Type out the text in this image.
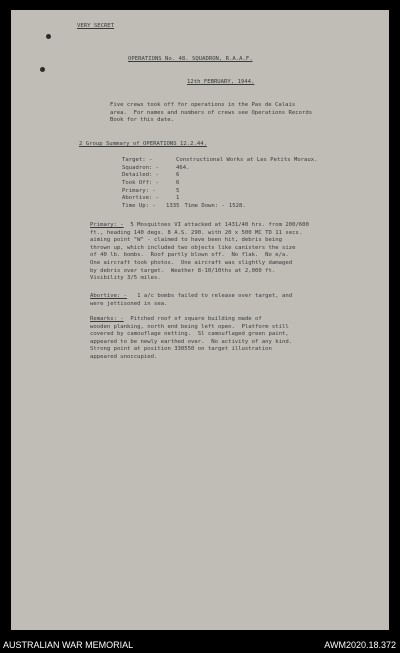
VERY SECRET
OPERATIONS No. 48. SQUADRON, R.A.A.F.
12th FEBRUARY, 1944.
Five crews took off for operations in the Pas de Calais
area.  For names and numbers of crews see Operations Records
Book for this date.
2 Group Summary of OPERATIONS 12.2.44.
Target: -	Constructional Works at Les Petits Moraux.
Squadron: -	464.
Detailed: -	6
Took Off: -	6
Primary: -	5
Abortive: -	1
Time Up: -	1335 Time Down: - 1528.
Primary: -  5 Mosquitoes VI attacked at 1431/40 hrs. from 200/600
ft., heading 140 degs. 8 A.S. 290. with 20 x 500 MC TD 11 secs.
aiming point "W" - claimed to have been hit, debris being
thrown up, which included two objects like canisters the size
of 40 lb. bombs.  Roof partly blown off.  No flak.  No e/a.
One aircraft took photos.  One aircraft was slightly damaged
by debris over target.  Weather 8-10/10ths at 2,000 ft.
Visibility 3/5 miles.
Abortive: -   1 a/c bombs failed to release over target, and
were jettisoned in sea.
Remarks: -  Pitched roof of square building made of
wooden planking, north end being left open.  Platform still
covered by camouflage netting.  Sl camouflaged green paint,
appeared to be newly earthed over.  No activity of any kind.
Strong point at position 330550 on target illustration
appeared unoccupied.
AUSTRALIAN WAR MEMORIAL	AWM2020.18.372
